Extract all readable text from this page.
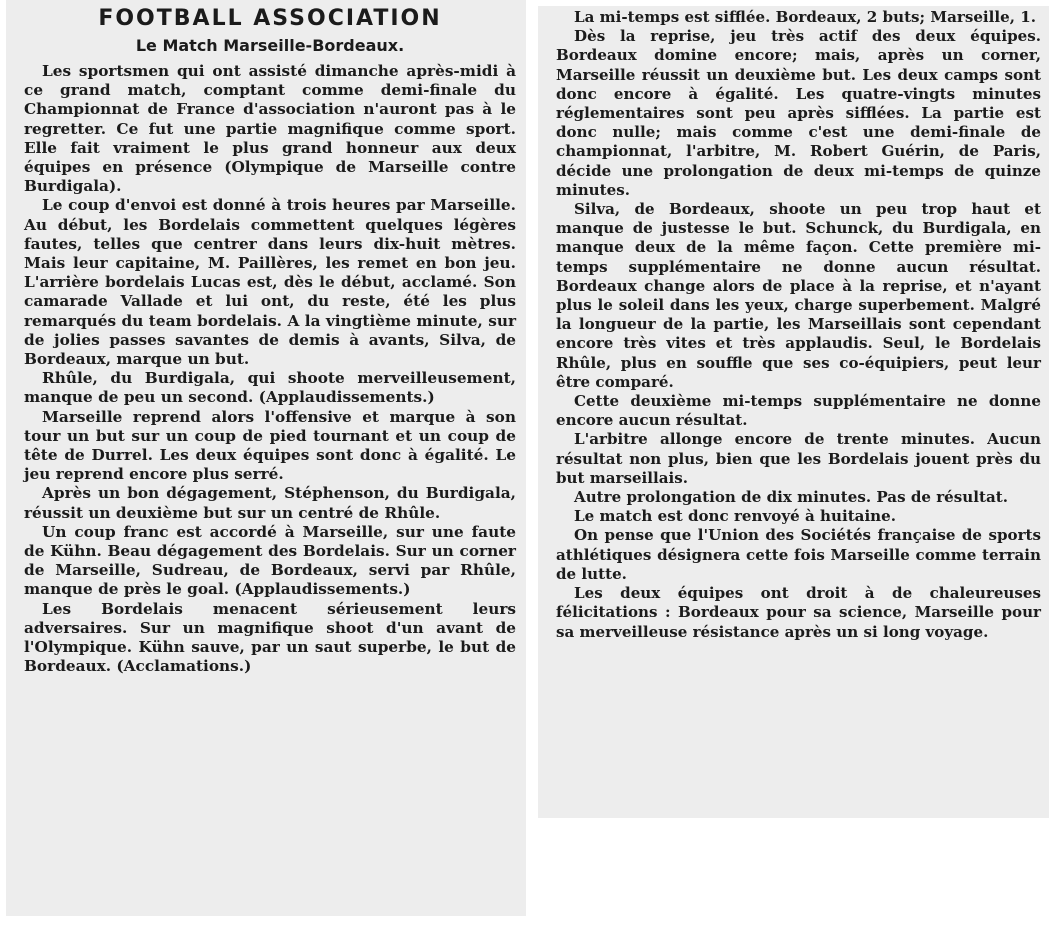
FOOTBALL ASSOCIATION
Le Match Marseille-Bordeaux.

Les sportsmen qui ont assisté dimanche après-midi à ce grand match, comptant comme demi-finale du Championnat de France d'association n'auront pas à le regretter. Ce fut une partie magnifique comme sport. Elle fait vraiment le plus grand honneur aux deux équipes en présence (Olympique de Marseille contre Burdigala).

Le coup d'envoi est donné à trois heures par Marseille. Au début, les Bordelais commettent quelques légères fautes, telles que centrer dans leurs dix-huit mètres. Mais leur capitaine, M. Paillères, les remet en bon jeu. L'arrière bordelais Lucas est, dès le début, acclamé. Son camarade Vallade et lui ont, du reste, été les plus remarqués du team bordelais. A la vingtième minute, sur de jolies passes savantes de demis à avants, Silva, de Bordeaux, marque un but.

Rhûle, du Burdigala, qui shoote merveilleusement, manque de peu un second. (Applaudissements.)

Marseille reprend alors l'offensive et marque à son tour un but sur un coup de pied tournant et un coup de tête de Durrel. Les deux équipes sont donc à égalité. Le jeu reprend encore plus serré.

Après un bon dégagement, Stéphenson, du Burdigala, réussit un deuxième but sur un centré de Rhûle.

Un coup franc est accordé à Marseille, sur une faute de Kühn. Beau dégagement des Bordelais. Sur un corner de Marseille, Sudreau, de Bordeaux, servi par Rhûle, manque de près le goal. (Applaudissements.)

Les Bordelais menacent sérieusement leurs adversaires. Sur un magnifique shoot d'un avant de l'Olympique. Kühn sauve, par un saut superbe, le but de Bordeaux. (Acclamations.)

La mi-temps est sifflée. Bordeaux, 2 buts; Marseille, 1.

Dès la reprise, jeu très actif des deux équipes. Bordeaux domine encore; mais, après un corner, Marseille réussit un deuxième but. Les deux camps sont donc encore à égalité. Les quatre-vingts minutes réglementaires sont peu après sifflées. La partie est donc nulle; mais comme c'est une demi-finale de championnat, l'arbitre, M. Robert Guérin, de Paris, décide une prolongation de deux mi-temps de quinze minutes.

Silva, de Bordeaux, shoote un peu trop haut et manque de justesse le but. Schunck, du Burdigala, en manque deux de la même façon. Cette première mi-temps supplémentaire ne donne aucun résultat. Bordeaux change alors de place à la reprise, et n'ayant plus le soleil dans les yeux, charge superbement. Malgré la longueur de la partie, les Marseillais sont cependant encore très vites et très applaudis. Seul, le Bordelais Rhûle, plus en souffle que ses co-équipiers, peut leur être comparé.

Cette deuxième mi-temps supplémentaire ne donne encore aucun résultat.

L'arbitre allonge encore de trente minutes. Aucun résultat non plus, bien que les Bordelais jouent près du but marseillais.

Autre prolongation de dix minutes. Pas de résultat.

Le match est donc renvoyé à huitaine.

On pense que l'Union des Sociétés française de sports athlétiques désignera cette fois Marseille comme terrain de lutte.

Les deux équipes ont droit à de chaleureuses félicitations : Bordeaux pour sa science, Marseille pour sa merveilleuse résistance après un si long voyage.
